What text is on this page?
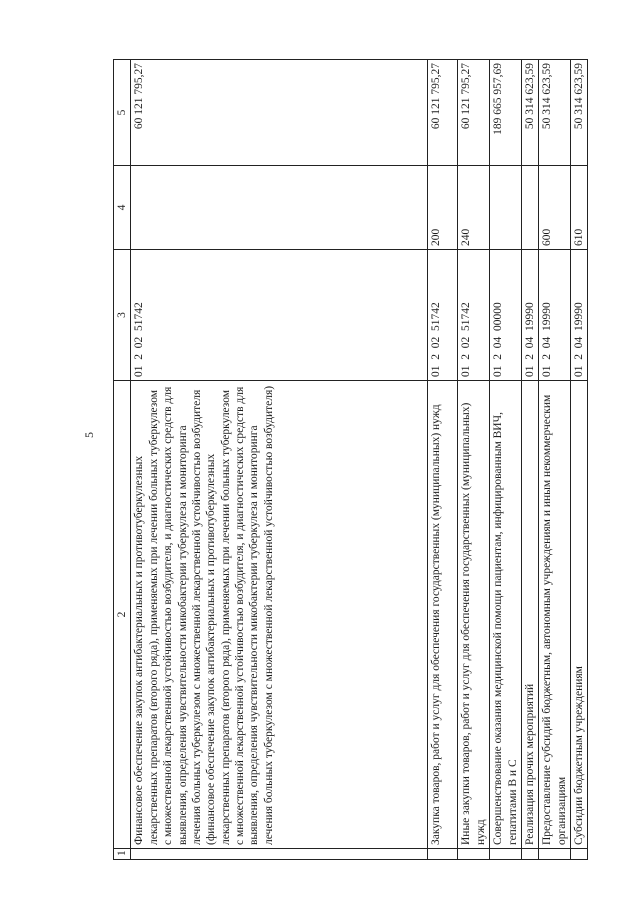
5
1	2	3	4	5
	Финансовое обеспечение закупок антибактериальных и противотуберкулезных лекарственных препаратов (второго ряда), применяемых при лечении больных туберкулезом с множественной лекарственной устойчивостью возбудителя, и диагностических средств для выявления, определения чувствительности микобактерии туберкулеза и мониторинга лечения больных туберкулезом с множественной лекарственной устойчивостью возбудителя (финансовое обеспечение закупок антибактериальных и противотуберкулезных лекарственных препаратов (второго ряда), применяемых при лечении больных туберкулезом с множественной лекарственной устойчивостью возбудителя, и диагностических средств для выявления, определения чувствительности микобактерии туберкулеза и мониторинга лечения больных туберкулезом с множественной лекарственной устойчивостью возбудителя)	01  2  02  51742		60 121 795,27
	Закупка товаров, работ и услуг для обеспечения государственных (муниципальных) нужд	01  2  02  51742	200	60 121 795,27
	Иные закупки товаров, работ и услуг для обеспечения государственных (муниципальных) нужд	01  2  02  51742	240	60 121 795,27
	Совершенствование оказания медицинской помощи пациентам, инфицированным ВИЧ, гепатитами В и С	01  2  04  00000		189 665 957,69
	Реализация прочих мероприятий	01  2  04  19990		50 314 623,59
	Предоставление субсидий бюджетным, автономным учреждениям и иным некоммерческим организациям	01  2  04  19990	600	50 314 623,59
	Субсидии бюджетным учреждениям	01  2  04  19990	610	50 314 623,59
